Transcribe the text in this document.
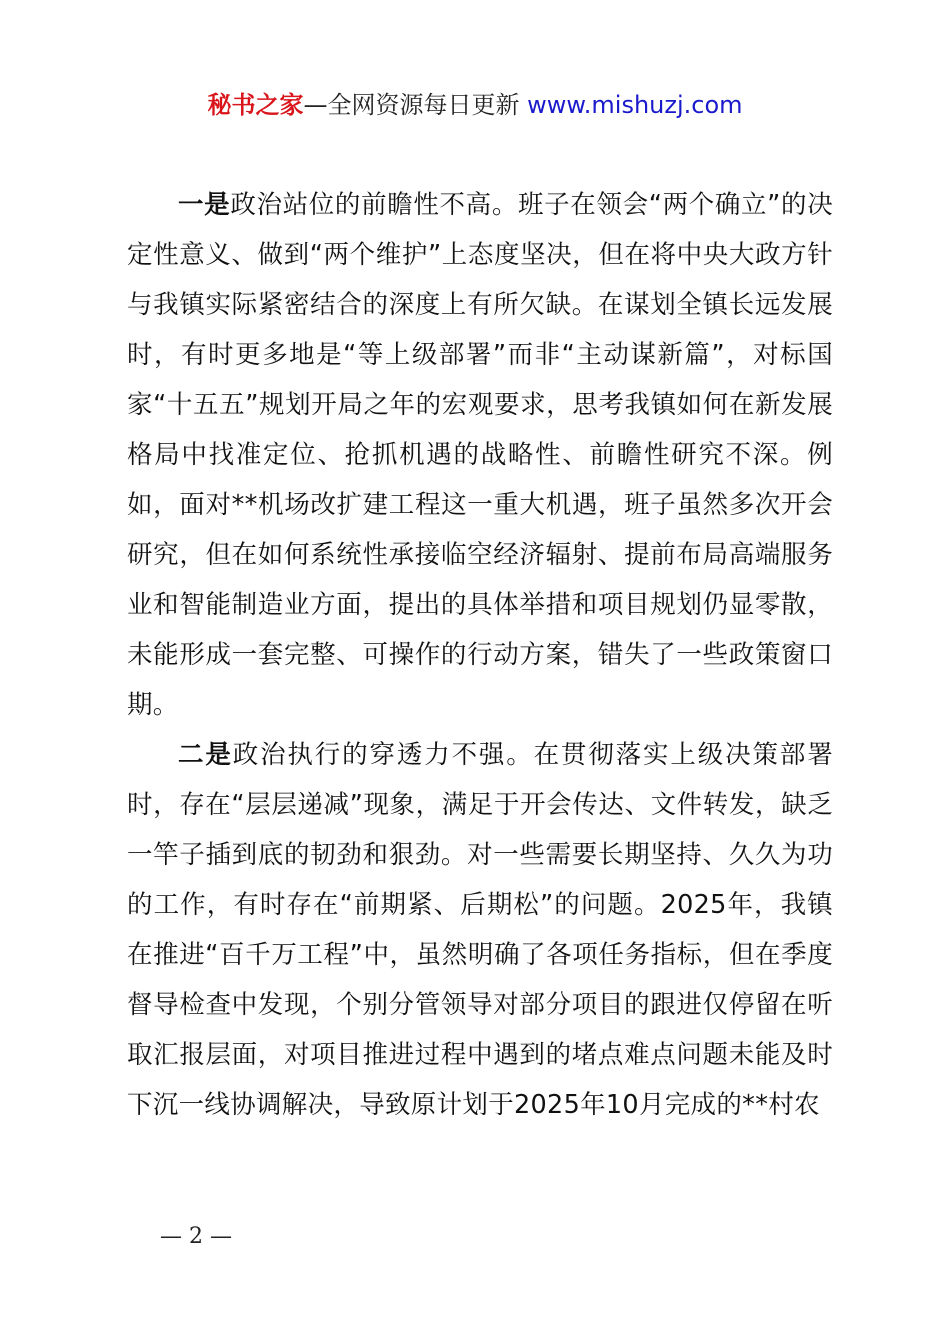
秘书之家—全网资源每日更新 www.mishuzj.com

一是政治站位的前瞻性不高。班子在领会“两个确立”的决定性意义、做到“两个维护”上态度坚决，但在将中央大政方针与我镇实际紧密结合的深度上有所欠缺。在谋划全镇长远发展时，有时更多地是“等上级部署”而非“主动谋新篇”，对标国家“十五五”规划开局之年的宏观要求，思考我镇如何在新发展格局中找准定位、抢抓机遇的战略性、前瞻性研究不深。例如，面对**机场改扩建工程这一重大机遇，班子虽然多次开会研究，但在如何系统性承接临空经济辐射、提前布局高端服务业和智能制造业方面，提出的具体举措和项目规划仍显零散，未能形成一套完整、可操作的行动方案，错失了一些政策窗口期。

二是政治执行的穿透力不强。在贯彻落实上级决策部署时，存在“层层递减”现象，满足于开会传达、文件转发，缺乏一竿子插到底的韧劲和狠劲。对一些需要长期坚持、久久为功的工作，有时存在“前期紧、后期松”的问题。2025年，我镇在推进“百千万工程”中，虽然明确了各项任务指标，但在季度督导检查中发现，个别分管领导对部分项目的跟进仅停留在听取汇报层面，对项目推进过程中遇到的堵点难点问题未能及时下沉一线协调解决，导致原计划于2025年10月完成的**村农

— 2 —
